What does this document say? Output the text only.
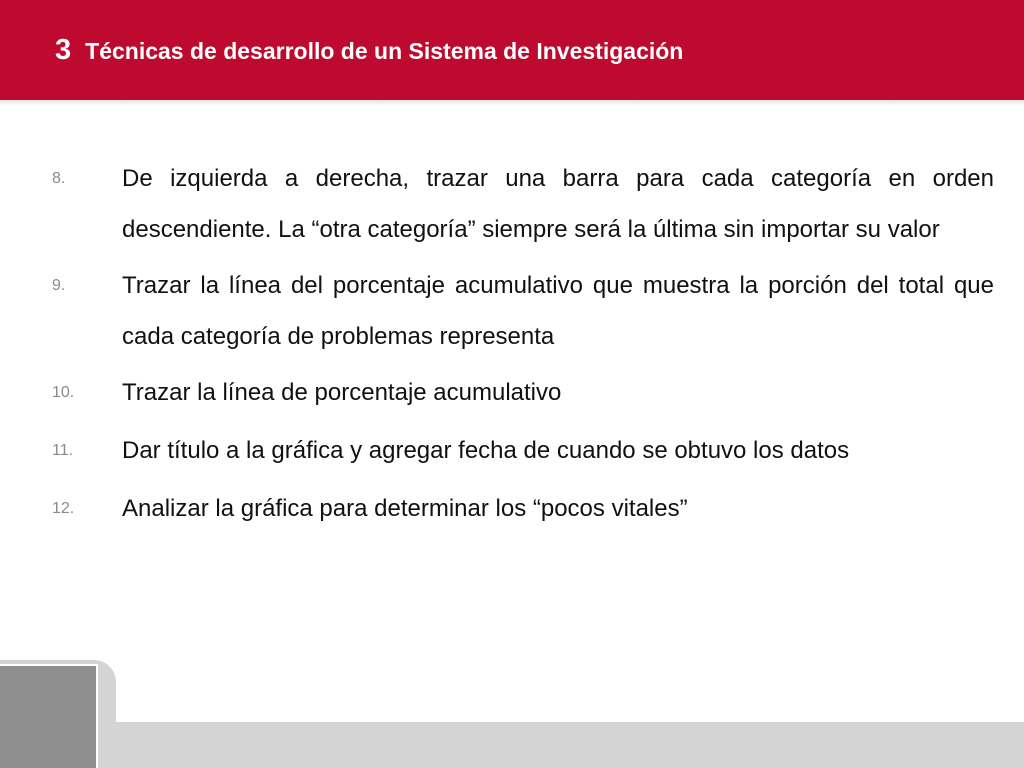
3 Técnicas de desarrollo de un Sistema de Investigación
8.	De izquierda a derecha, trazar una barra para cada categoría en orden descendiente. La “otra categoría” siempre será la última sin importar su valor
9.	Trazar la línea del porcentaje acumulativo que muestra la porción del total que cada categoría de problemas representa
10.	Trazar la línea de porcentaje acumulativo
11.	Dar título a la gráfica y agregar fecha de cuando se obtuvo los datos
12.	Analizar la gráfica para determinar los “pocos vitales”
